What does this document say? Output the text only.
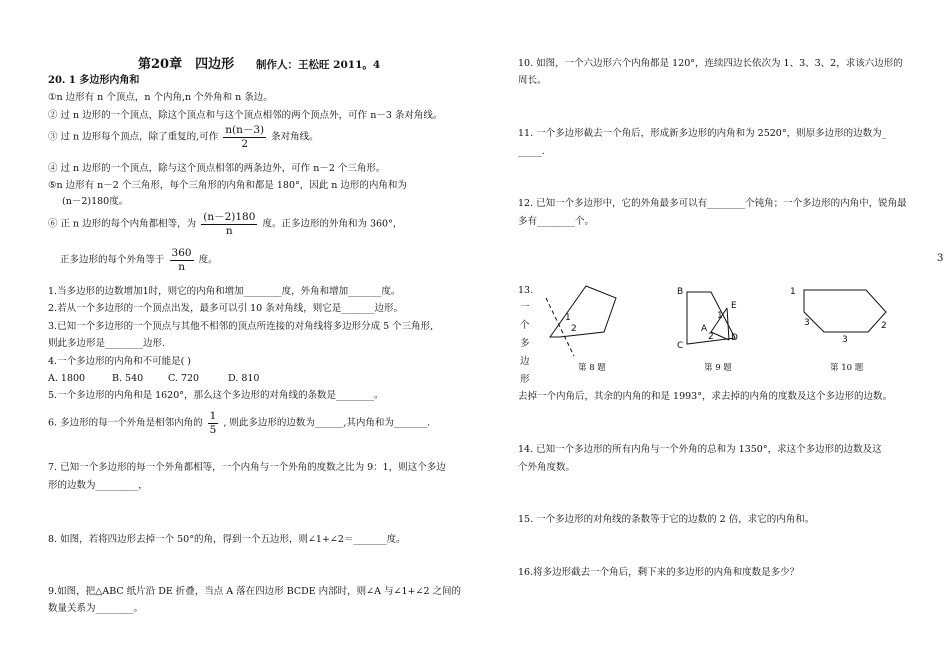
第20章　四边形 制作人：王松旺 2011。4
20. 1 多边形内角和
①n 边形有 n 个顶点，n 个内角,n 个外角和 n 条边。
② 过 n 边形的一个顶点，除这个顶点和与这个顶点相邻的两个顶点外，可作 n－3 条对角线。
③ 过 n 边形每个顶点，除了重复的,可作 $\frac{n(n-3)}{2}$ 条对角线。
④ 过 n 边形的一个顶点，除与这个顶点相邻的两条边外，可作 n－2 个三角形。
⑤n 边形有 n－2 个三角形，每个三角形的内角和都是 180°，因此 n 边形的内角和为
(n－2)180度。
⑥ 正 n 边形的每个内角都相等，为 $\frac{(n-2)180}{n}$ 度。正多边形的外角和为 360°，
正多边形的每个外角等于 $\frac{360}{n}$ 度。
1.当多边形的边数增加1时，则它的内角和增加________度，外角和增加_______度。
2.若从一个多边形的一个顶点出发，最多可以引 10 条对角线，则它是_______边形。
3.已知一个多边形的一个顶点与其他不相邻的顶点所连接的对角线将多边形分成 5 个三角形,
则此多边形是________边形.
4.一个多边形的内角和不可能是( )
A. 1800	B. 540	C. 720	D. 810
5.一个多边形的内角和是 1620°，那么这个多边形的对角线的条数是________。
6. 多边形的每一个外角是相邻内角的 $\frac{1}{5}$ , 则此多边形的边数为______,其内角和为_______.
7. 已知一个多边形的每一个外角都相等，一个内角与一个外角的度数之比为 9：1，则这个多边
形的边数为_________，
8. 如图，若将四边形去掉一个 50°的角，得到一个五边形，则∠1+∠2＝_______度。
9.如图，把△ABC 纸片沿 DE 折叠，当点 A 落在四边形 BCDE 内部时，则∠A 与∠1+∠2 之间的
数量关系为________。
10. 如图，一个六边形六个内角都是 120°，连续四边长依次为 1、3、3、2，求该六边形的
周长。
11. 一个多边形截去一个角后，形成新多边形的内角和为 2520°，则原多边形的边数为_
_____.
12. 已知一个多边形中，它的外角最多可以有________个钝角；一个多边形的内角中，锐角最
多有________个。
13.
一
个
多
边
形
去掉一个内角后，其余的内角的和是 1993°，求去掉的内角的度数及这个多边形的边数。
1
2
第 8 题
B
E
A
C
D
1
2
第 9 题
1
3
3
2
第 10 题
14. 已知一个多边形的所有内角与一个外角的总和为 1350°，求这个多边形的边数及这
个外角度数。
15. 一个多边形的对角线的条数等于它的边数的 2 倍，求它的内角和。
16.将多边形截去一个角后，剩下来的多边形的内角和度数是多少？
3
